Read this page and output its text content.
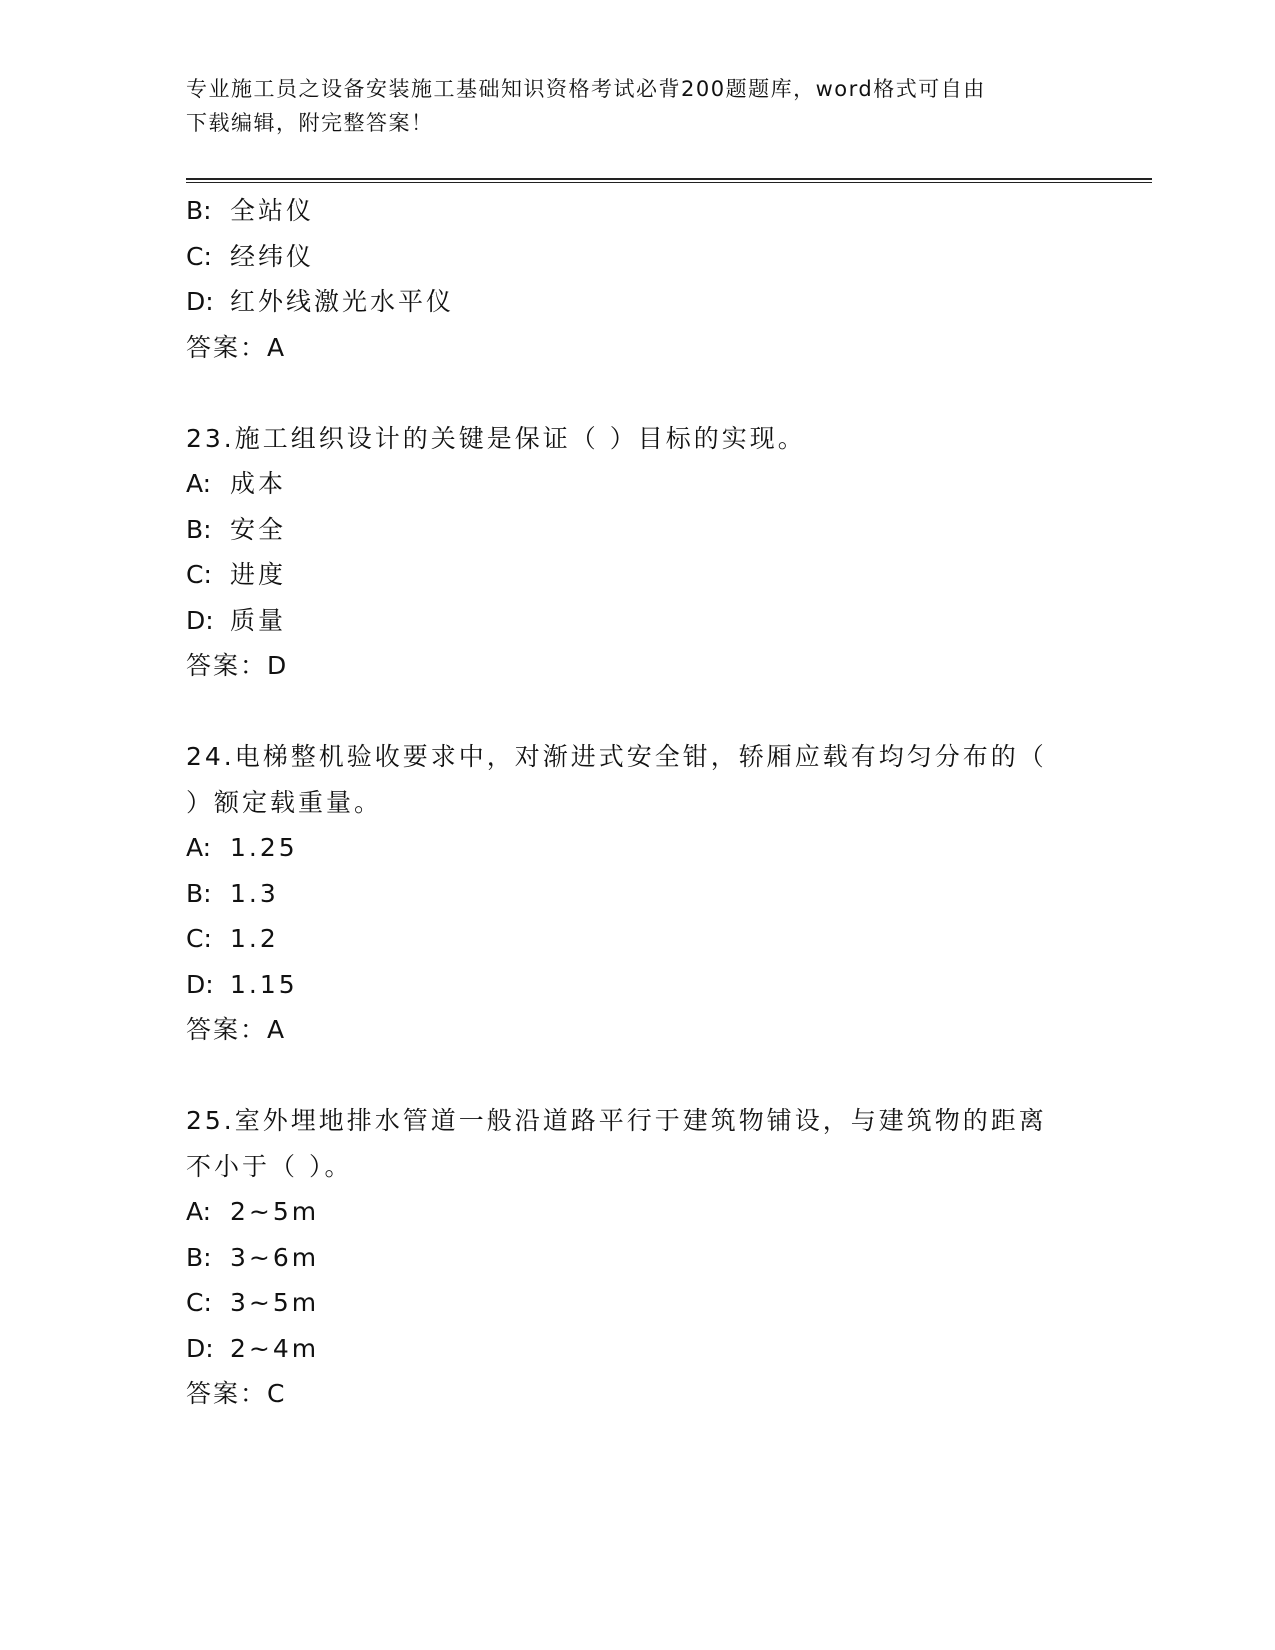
专业施工员之设备安装施工基础知识资格考试必背200题题库，word格式可自由
下载编辑，附完整答案！
B: 全站仪
C: 经纬仪
D: 红外线激光水平仪
答案：A
23.施工组织设计的关键是保证（ ）目标的实现。
A: 成本
B: 安全
C: 进度
D: 质量
答案：D
24.电梯整机验收要求中，对渐进式安全钳，轿厢应载有均匀分布的（
）额定载重量。
A: 1.25
B: 1.3
C: 1.2
D: 1.15
答案：A
25.室外埋地排水管道一般沿道路平行于建筑物铺设，与建筑物的距离
不小于（ ）。
A: 2~5m
B: 3~6m
C: 3~5m
D: 2~4m
答案：C
